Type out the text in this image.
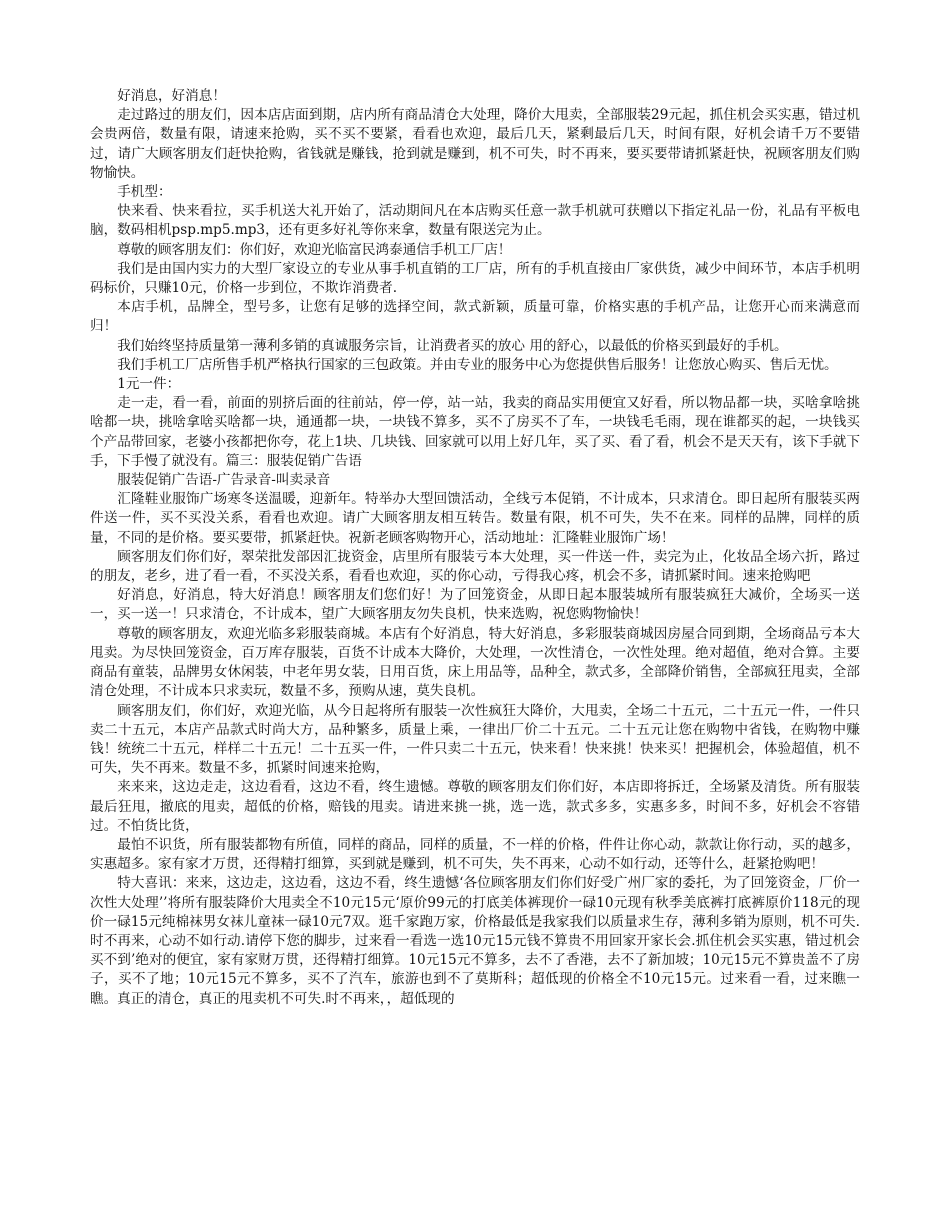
好消息，好消息！

走过路过的朋友们，因本店店面到期，店内所有商品清仓大处理，降价大甩卖，全部服装29元起，抓住机会买实惠，错过机会贵两倍，数量有限，请速来抢购，买不买不要紧，看看也欢迎，最后几天，紧剩最后几天，时间有限，好机会请千万不要错过，请广大顾客朋友们赶快抢购，省钱就是赚钱，抢到就是赚到，机不可失，时不再来，要买要带请抓紧赶快，祝顾客朋友们购物愉快。

手机型：

快来看、快来看拉，买手机送大礼开始了，活动期间凡在本店购买任意一款手机就可获赠以下指定礼品一份，礼品有平板电脑，数码相机psp.mp5.mp3，还有更多好礼等你来拿，数量有限送完为止。

尊敬的顾客朋友们：你们好，欢迎光临富民鸿泰通信手机工厂店！

我们是由国内实力的大型厂家设立的专业从事手机直销的工厂店，所有的手机直接由厂家供货，减少中间环节，本店手机明码标价，只赚10元，价格一步到位，不欺诈消费者.

本店手机，品牌全，型号多，让您有足够的选择空间，款式新颖，质量可靠，价格实惠的手机产品，让您开心而来满意而归！

我们始终坚持质量第一薄利多销的真诚服务宗旨，让消费者买的放心 用的舒心，以最低的价格买到最好的手机。

我们手机工厂店所售手机严格执行国家的三包政策。并由专业的服务中心为您提供售后服务！让您放心购买、售后无忧。

1元一件：

走一走，看一看，前面的别挤后面的往前站，停一停，站一站，我卖的商品实用便宜又好看，所以物品都一块，买啥拿啥挑啥都一块，挑啥拿啥买啥都一块，通通都一块，一块钱不算多，买不了房买不了车，一块钱毛毛雨，现在谁都买的起，一块钱买个产品带回家，老婆小孩都把你夸，花上1块、几块钱、回家就可以用上好几年，买了买、看了看，机会不是天天有，该下手就下手，下手慢了就没有。篇三：服装促销广告语

服装促销广告语-广告录音-叫卖录音

汇隆鞋业服饰广场寒冬送温暖，迎新年。特举办大型回馈活动，全线亏本促销，不计成本，只求清仓。即日起所有服装买两件送一件，买不买没关系，看看也欢迎。请广大顾客朋友相互转告。数量有限，机不可失，失不在来。同样的品牌，同样的质量，不同的是价格。要买要带，抓紧赶快。祝新老顾客购物开心，活动地址：汇隆鞋业服饰广场！

顾客朋友们你们好，翠荣批发部因汇拢资金，店里所有服装亏本大处理，买一件送一件，卖完为止，化妆品全场六折，路过的朋友，老乡，进了看一看，不买没关系，看看也欢迎，买的你心动，亏得我心疼，机会不多，请抓紧时间。速来抢购吧

好消息，好消息，特大好消息！顾客朋友们您们好！为了回笼资金，从即日起本服装城所有服装疯狂大减价，全场买一送一，买一送一！只求清仓，不计成本，望广大顾客朋友勿失良机，快来选购，祝您购物愉快！

尊敬的顾客朋友，欢迎光临多彩服装商城。本店有个好消息，特大好消息，多彩服装商城因房屋合同到期，全场商品亏本大甩卖。为尽快回笼资金，百万库存服装，百货不计成本大降价，大处理，一次性清仓，一次性处理。绝对超值，绝对合算。主要商品有童装，品牌男女休闲装，中老年男女装，日用百货，床上用品等，品种全，款式多，全部降价销售，全部疯狂甩卖，全部清仓处理，不计成本只求卖玩，数量不多，预购从速，莫失良机。

顾客朋友们，你们好，欢迎光临，从今日起将所有服装一次性疯狂大降价，大甩卖，全场二十五元，二十五元一件，一件只卖二十五元，本店产品款式时尚大方，品种繁多，质量上乘，一律出厂价二十五元。二十五元让您在购物中省钱，在购物中赚钱！统统二十五元，样样二十五元！二十五买一件，一件只卖二十五元，快来看！快来挑！快来买！把握机会，体验超值，机不可失，失不再来。数量不多，抓紧时间速来抢购，

来来来，这边走走，这边看看，这边不看，终生遗憾。尊敬的顾客朋友们你们好，本店即将拆迁，全场紧及清货。所有服装最后狂甩，撤底的甩卖，超低的价格，赔钱的甩卖。请进来挑一挑，选一选，款式多多，实惠多多，时间不多，好机会不容错过。不怕货比货，

最怕不识货，所有服装都物有所值，同样的商品，同样的质量，不一样的价格，件件让你心动，款款让你行动，买的越多，实惠超多。家有家才万贯，还得精打细算，买到就是赚到，机不可失，失不再来，心动不如行动，还等什么，赶紧抢购吧！

特大喜讯：来来，这边走，这边看，这边不看，终生遗憾‘各位顾客朋友们你们好受广州厂家的委托，为了回笼资金，厂价一次性大处理’’将所有服装降价大甩卖全不10元15元‘原价99元的打底美体裤现价一碌10元现有秋季美底裤打底裤原价118元的现价一碌15元纯棉袜男女袜儿童袜一碌10元7双。逛千家跑万家，价格最低是我家我们以质量求生存，薄利多销为原则，机不可失.时不再来，心动不如行动.请停下您的脚步，过来看一看选一选10元15元钱不算贵不用回家开家长会.抓住机会买实惠，错过机会买不到’绝对的便宜，家有家财万贯，还得精打细算。10元15元不算多，去不了香港，去不了新加坡；10元15元不算贵盖不了房子，买不了地；10元15元不算多，买不了汽车，旅游也到不了莫斯科；超低现的价格全不10元15元。过来看一看，过来瞧一瞧。真正的清仓，真正的甩卖机不可失.时不再来，，超低现的
